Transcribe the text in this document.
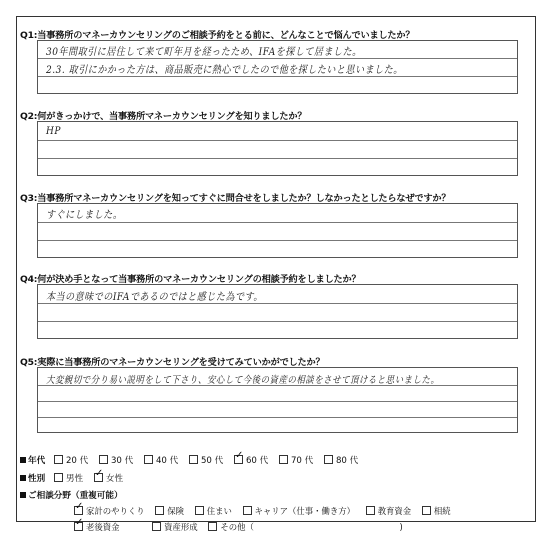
Q1:当事務所のマネーカウンセリングのご相談予約をとる前に、どんなことで悩んでいましたか？
30年間取引に居住して来て町年月を経ったため、IFAを探して居ました。
2.3. 取引にかかった方は、商品販売に熱心でしたので他を探したいと思いました。
Q2:何がきっかけで、当事務所マネーカウンセリングを知りましたか？
HP
Q3:当事務所マネーカウンセリングを知ってすぐに問合せをしましたか？しなかったとしたらなぜですか？
すぐにしました。
Q4:何が決め手となって当事務所のマネーカウンセリングの相談予約をしましたか？
本当の意味でのIFAであるのではと感じた為です。
Q5:実際に当事務所のマネーカウンセリングを受けてみていかがでしたか？
大変親切で分り易い説明をして下さり、安心して今後の資産の相談をさせて頂けると思いました。
年代 20 代	30 代	40 代	50 代 ✓	60 代	70 代	80 代
性別 男性 ✓	女性
ご相談分野（重複可能）
✓家計のやりくり	保険	住まい	キャリア（仕事・働き方）	教育資金	相続
✓老後資金	資産形成	その他（	)
